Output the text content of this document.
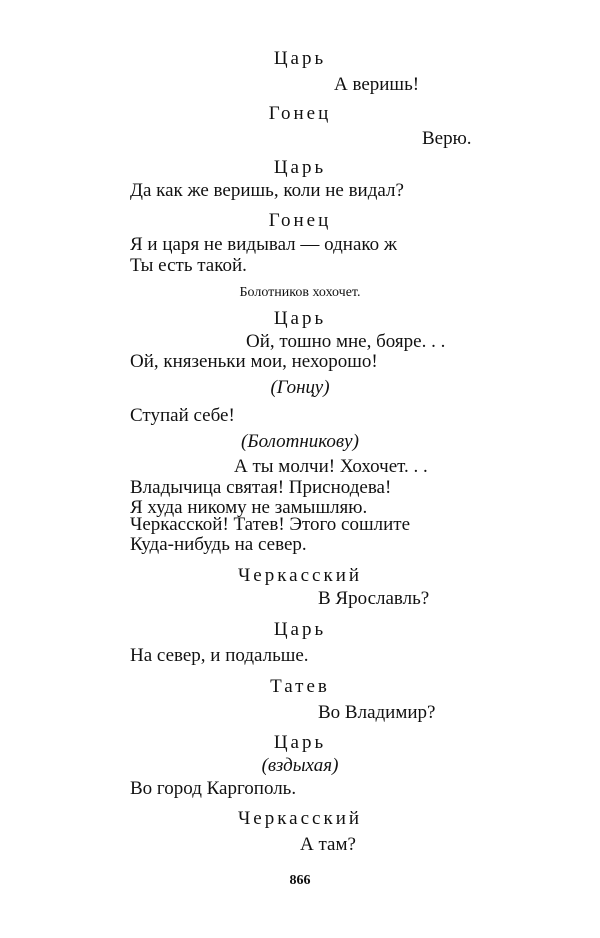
Царь
А веришь!
Гонец
Верю.
Царь
Да как же веришь, коли не видал?
Гонец
Я и царя не видывал — однако ж
Ты есть такой.
Болотников хохочет.
Царь
Ой, тошно мне, бояре. . .
Ой, князеньки мои, нехорошо!
(Гонцу)
Ступай себе!
(Болотникову)
А ты молчи! Хохочет. . .
Владычица святая! Приснодева!
Я худа никому не замышляю.
Черкасской! Татев! Этого сошлите
Куда-нибудь на север.
Черкасский
В Ярославль?
Царь
На север, и подальше.
Татев
Во Владимир?
Царь
(вздыхая)
Во город Каргополь.
Черкасский
А там?
866
